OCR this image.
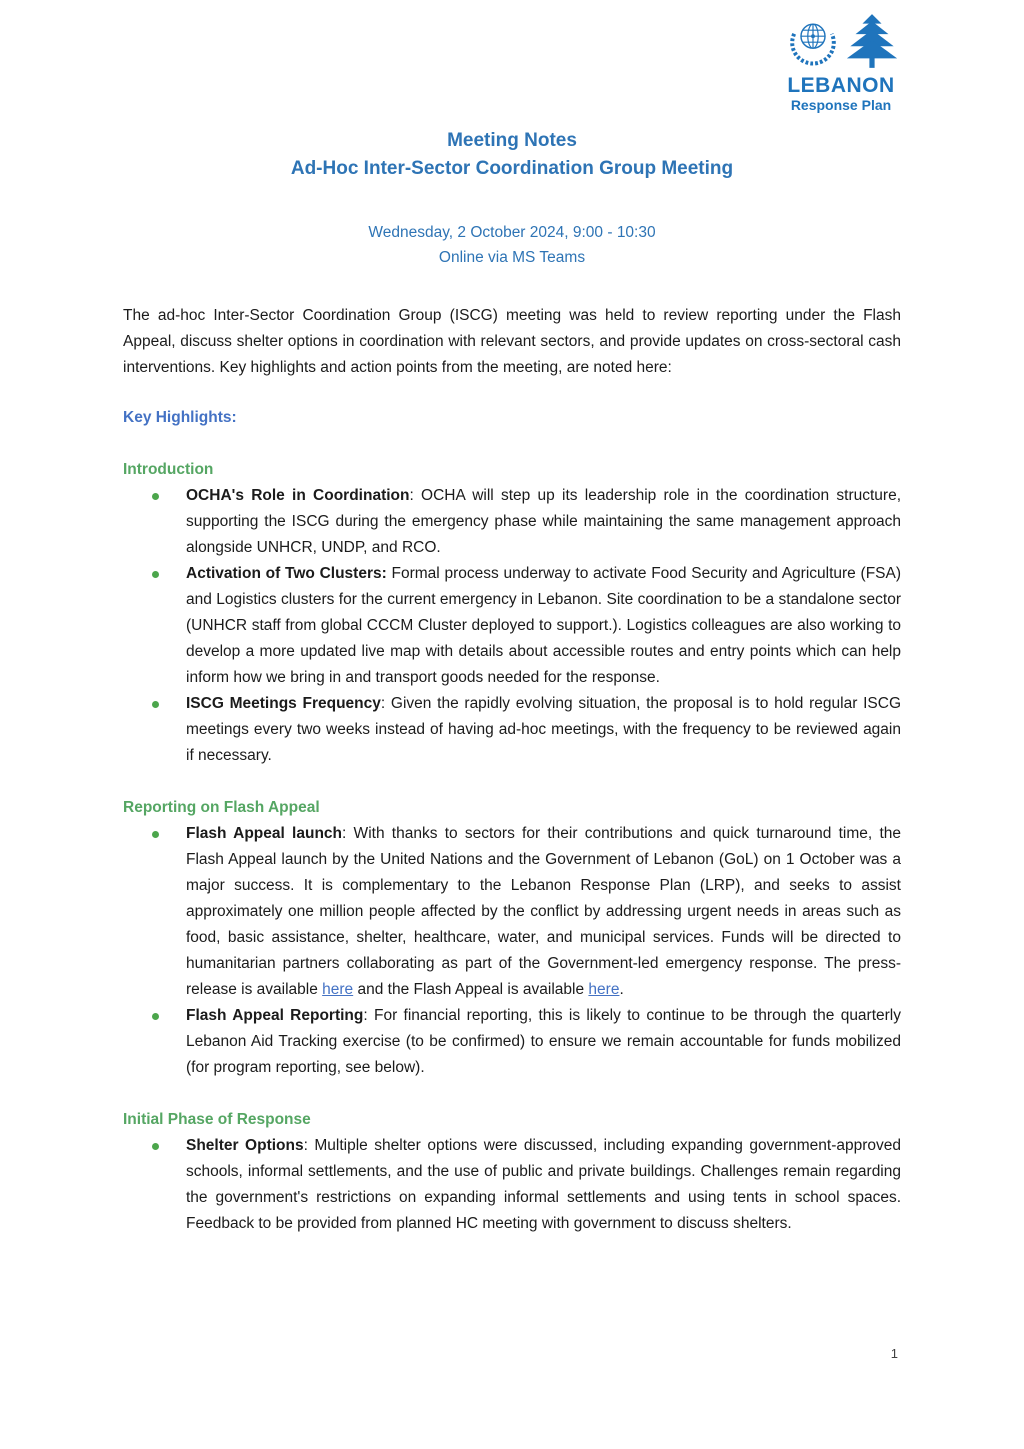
LEBANON
Response Plan
Meeting Notes
Ad-Hoc Inter-Sector Coordination Group Meeting
Wednesday, 2 October 2024, 9:00 - 10:30
Online via MS Teams

The ad-hoc Inter-Sector Coordination Group (ISCG) meeting was held to review reporting under the Flash Appeal, discuss shelter options in coordination with relevant sectors, and provide updates on cross-sectoral cash interventions. Key highlights and action points from the meeting, are noted here:

Key Highlights:
Introduction
OCHA's Role in Coordination: OCHA will step up its leadership role in the coordination structure, supporting the ISCG during the emergency phase while maintaining the same management approach alongside UNHCR, UNDP, and RCO.
Activation of Two Clusters: Formal process underway to activate Food Security and Agriculture (FSA) and Logistics clusters for the current emergency in Lebanon. Site coordination to be a standalone sector (UNHCR staff from global CCCM Cluster deployed to support.). Logistics colleagues are also working to develop a more updated live map with details about accessible routes and entry points which can help inform how we bring in and transport goods needed for the response.
ISCG Meetings Frequency: Given the rapidly evolving situation, the proposal is to hold regular ISCG meetings every two weeks instead of having ad-hoc meetings, with the frequency to be reviewed again if necessary.
Reporting on Flash Appeal
Flash Appeal launch: With thanks to sectors for their contributions and quick turnaround time, the Flash Appeal launch by the United Nations and the Government of Lebanon (GoL) on 1 October was a major success. It is complementary to the Lebanon Response Plan (LRP), and seeks to assist approximately one million people affected by the conflict by addressing urgent needs in areas such as food, basic assistance, shelter, healthcare, water, and municipal services. Funds will be directed to humanitarian partners collaborating as part of the Government-led emergency response. The press-release is available here and the Flash Appeal is available here.
Flash Appeal Reporting: For financial reporting, this is likely to continue to be through the quarterly Lebanon Aid Tracking exercise (to be confirmed) to ensure we remain accountable for funds mobilized (for program reporting, see below).
Initial Phase of Response
Shelter Options: Multiple shelter options were discussed, including expanding government-approved schools, informal settlements, and the use of public and private buildings. Challenges remain regarding the government's restrictions on expanding informal settlements and using tents in school spaces. Feedback to be provided from planned HC meeting with government to discuss shelters.
1
